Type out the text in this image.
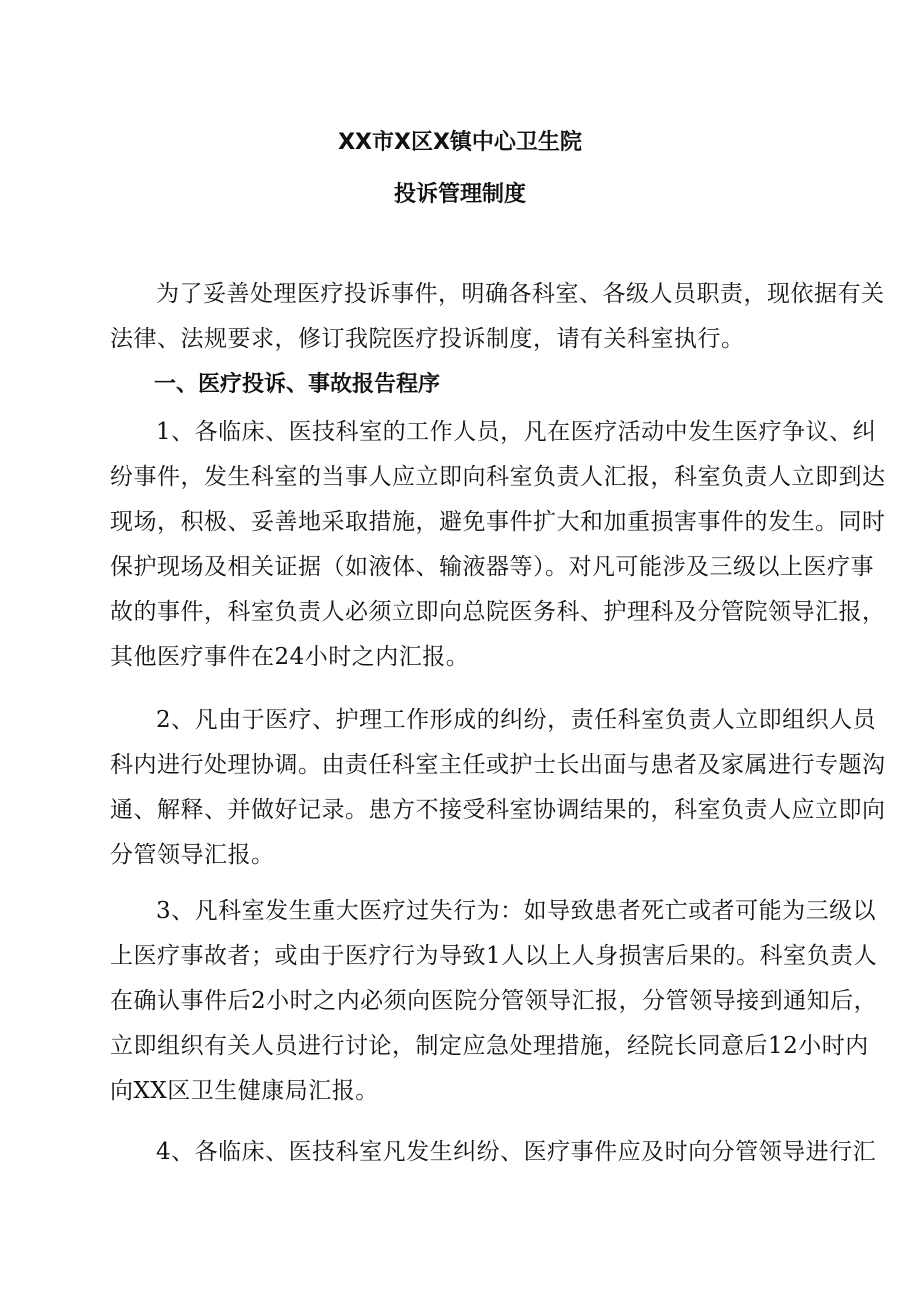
XX市X区X镇中心卫生院
投诉管理制度
为了妥善处理医疗投诉事件，明确各科室、各级人员职责，现依据有关
法律、法规要求，修订我院医疗投诉制度，请有关科室执行。
一、医疗投诉、事故报告程序
1、各临床、医技科室的工作人员，凡在医疗活动中发生医疗争议、纠
纷事件，发生科室的当事人应立即向科室负责人汇报，科室负责人立即到达
现场，积极、妥善地采取措施，避免事件扩大和加重损害事件的发生。同时
保护现场及相关证据（如液体、输液器等）。对凡可能涉及三级以上医疗事
故的事件，科室负责人必须立即向总院医务科、护理科及分管院领导汇报，
其他医疗事件在24小时之内汇报。
2、凡由于医疗、护理工作形成的纠纷，责任科室负责人立即组织人员
科内进行处理协调。由责任科室主任或护士长出面与患者及家属进行专题沟
通、解释、并做好记录。患方不接受科室协调结果的，科室负责人应立即向
分管领导汇报。
3、凡科室发生重大医疗过失行为：如导致患者死亡或者可能为三级以
上医疗事故者；或由于医疗行为导致1人以上人身损害后果的。科室负责人
在确认事件后2小时之内必须向医院分管领导汇报，分管领导接到通知后，
立即组织有关人员进行讨论，制定应急处理措施，经院长同意后12小时内
向XX区卫生健康局汇报。
4、各临床、医技科室凡发生纠纷、医疗事件应及时向分管领导进行汇
